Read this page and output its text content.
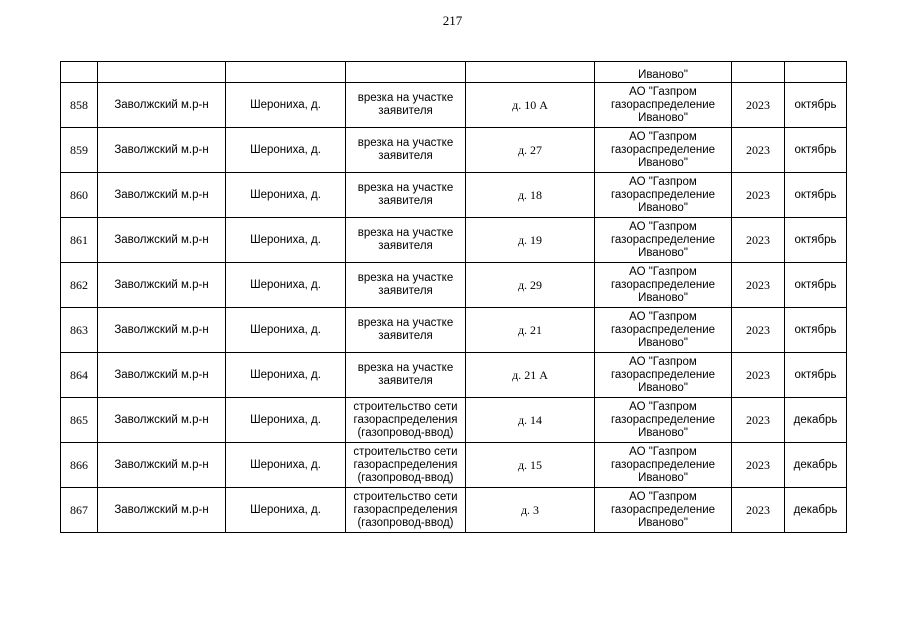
217
					Иваново"		
858	Заволжский м.р-н	Шерониха, д.	врезка на участке заявителя	д. 10 А	АО "Газпром газораспределение Иваново"	2023	октябрь
859	Заволжский м.р-н	Шерониха, д.	врезка на участке заявителя	д. 27	АО "Газпром газораспределение Иваново"	2023	октябрь
860	Заволжский м.р-н	Шерониха, д.	врезка на участке заявителя	д. 18	АО "Газпром газораспределение Иваново"	2023	октябрь
861	Заволжский м.р-н	Шерониха, д.	врезка на участке заявителя	д. 19	АО "Газпром газораспределение Иваново"	2023	октябрь
862	Заволжский м.р-н	Шерониха, д.	врезка на участке заявителя	д. 29	АО "Газпром газораспределение Иваново"	2023	октябрь
863	Заволжский м.р-н	Шерониха, д.	врезка на участке заявителя	д. 21	АО "Газпром газораспределение Иваново"	2023	октябрь
864	Заволжский м.р-н	Шерониха, д.	врезка на участке заявителя	д. 21 А	АО "Газпром газораспределение Иваново"	2023	октябрь
865	Заволжский м.р-н	Шерониха, д.	строительство сети газораспределения (газопровод-ввод)	д. 14	АО "Газпром газораспределение Иваново"	2023	декабрь
866	Заволжский м.р-н	Шерониха, д.	строительство сети газораспределения (газопровод-ввод)	д. 15	АО "Газпром газораспределение Иваново"	2023	декабрь
867	Заволжский м.р-н	Шерониха, д.	строительство сети газораспределения (газопровод-ввод)	д. 3	АО "Газпром газораспределение Иваново"	2023	декабрь
